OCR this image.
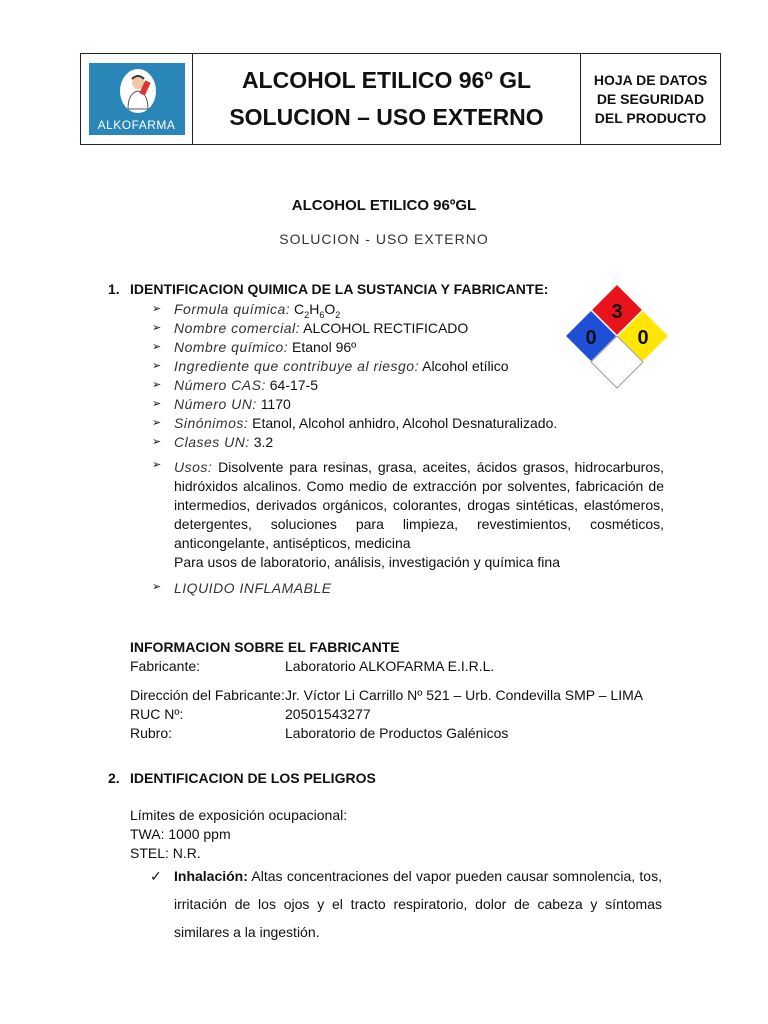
ALKOFARMA
ALCOHOL ETILICO 96º GL
SOLUCION – USO EXTERNO
HOJA DE DATOS
DE SEGURIDAD
DEL PRODUCTO
ALCOHOL ETILICO 96ºGL
SOLUCION - USO EXTERNO
1. IDENTIFICACION QUIMICA DE LA SUSTANCIA Y FABRICANTE:
➢ Formula química: $C_2H_6O_2$
➢ Nombre comercial: ALCOHOL RECTIFICADO
➢ Nombre químico: Etanol 96º
➢ Ingrediente que contribuye al riesgo: Alcohol etílico
➢ Número CAS: 64-17-5
➢ Número UN: 1170
➢ Sinónimos: Etanol, Alcohol anhidro, Alcohol Desnaturalizado.
➢ Clases UN: 3.2
3
0 0
➢ Usos: Disolvente para resinas, grasa, aceites, ácidos grasos, hidrocarburos, hidróxidos alcalinos. Como medio de extracción por solventes, fabricación de intermedios, derivados orgánicos, colorantes, drogas sintéticas, elastómeros, detergentes, soluciones para limpieza, revestimientos, cosméticos, anticongelante, antisépticos, medicina
Para usos de laboratorio, análisis, investigación y química fina
➢ LIQUIDO INFLAMABLE
INFORMACION SOBRE EL FABRICANTE
Fabricante:	Laboratorio ALKOFARMA E.I.R.L.
Dirección del Fabricante: Jr. Víctor Li Carrillo Nº 521 – Urb. Condevilla SMP – LIMA
RUC Nº:	20501543277
Rubro:	Laboratorio de Productos Galénicos
2. IDENTIFICACION DE LOS PELIGROS
Límites de exposición ocupacional:
TWA: 1000 ppm
STEL: N.R.
✓ Inhalación: Altas concentraciones del vapor pueden causar somnolencia, tos, irritación de los ojos y el tracto respiratorio, dolor de cabeza y síntomas similares a la ingestión.
